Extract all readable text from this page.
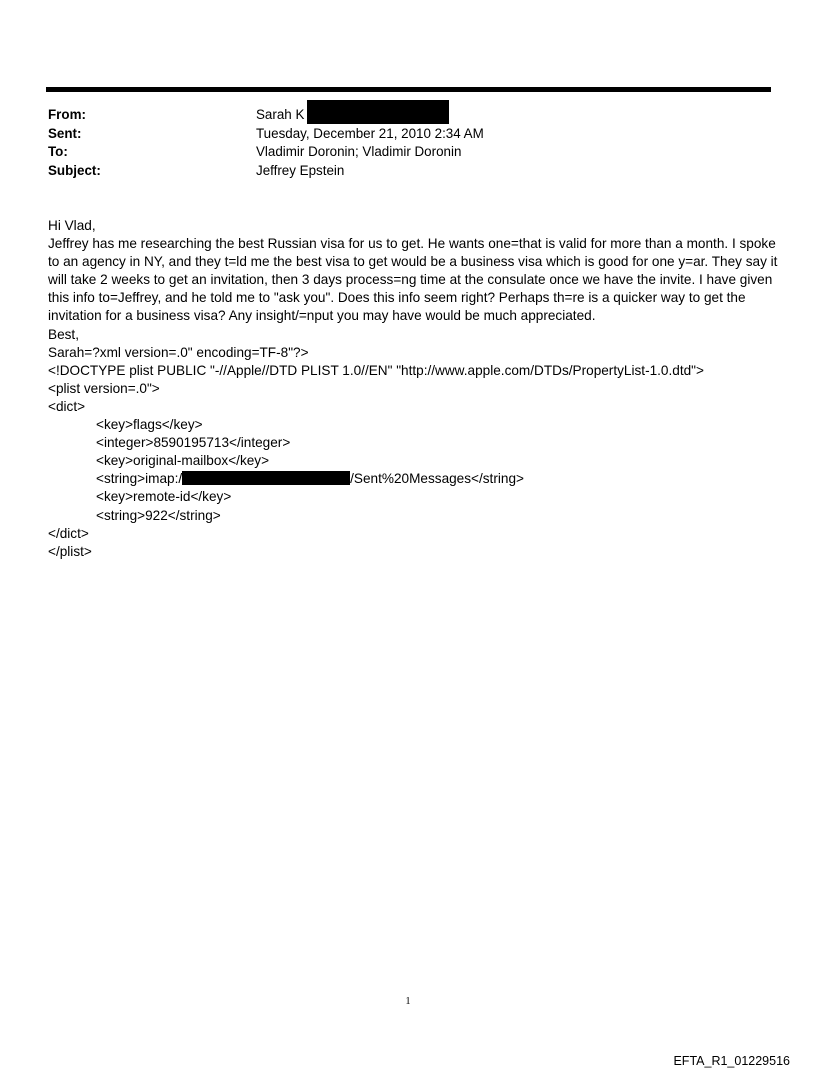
From:	Sarah K
Sent:	Tuesday, December 21, 2010 2:34 AM
To:	Vladimir Doronin; Vladimir Doronin
Subject:	Jeffrey Epstein
Hi Vlad,
Jeffrey has me researching the best Russian visa for us to get. He wants one=that is valid for more than a month. I spoke
to an agency in NY, and they t=ld me the best visa to get would be a business visa which is good for one y=ar. They say it
will take 2 weeks to get an invitation, then 3 days process=ng time at the consulate once we have the invite. I have given
this info to=Jeffrey, and he told me to "ask you". Does this info seem right? Perhaps th=re is a quicker way to get the
invitation for a business visa? Any insight/=nput you may have would be much appreciated.
Best,
Sarah=?xml version=.0" encoding=TF-8"?>
<!DOCTYPE plist PUBLIC "-//Apple//DTD PLIST 1.0//EN" "http://www.apple.com/DTDs/PropertyList-1.0.dtd">
<plist version=.0">
<dict>
<key>flags</key>
<integer>8590195713</integer>
<key>original-mailbox</key>
<string>imap:/	/Sent%20Messages</string>
<key>remote-id</key>
<string>922</string>
</dict>
</plist>
1
EFTA_R1_01229516
